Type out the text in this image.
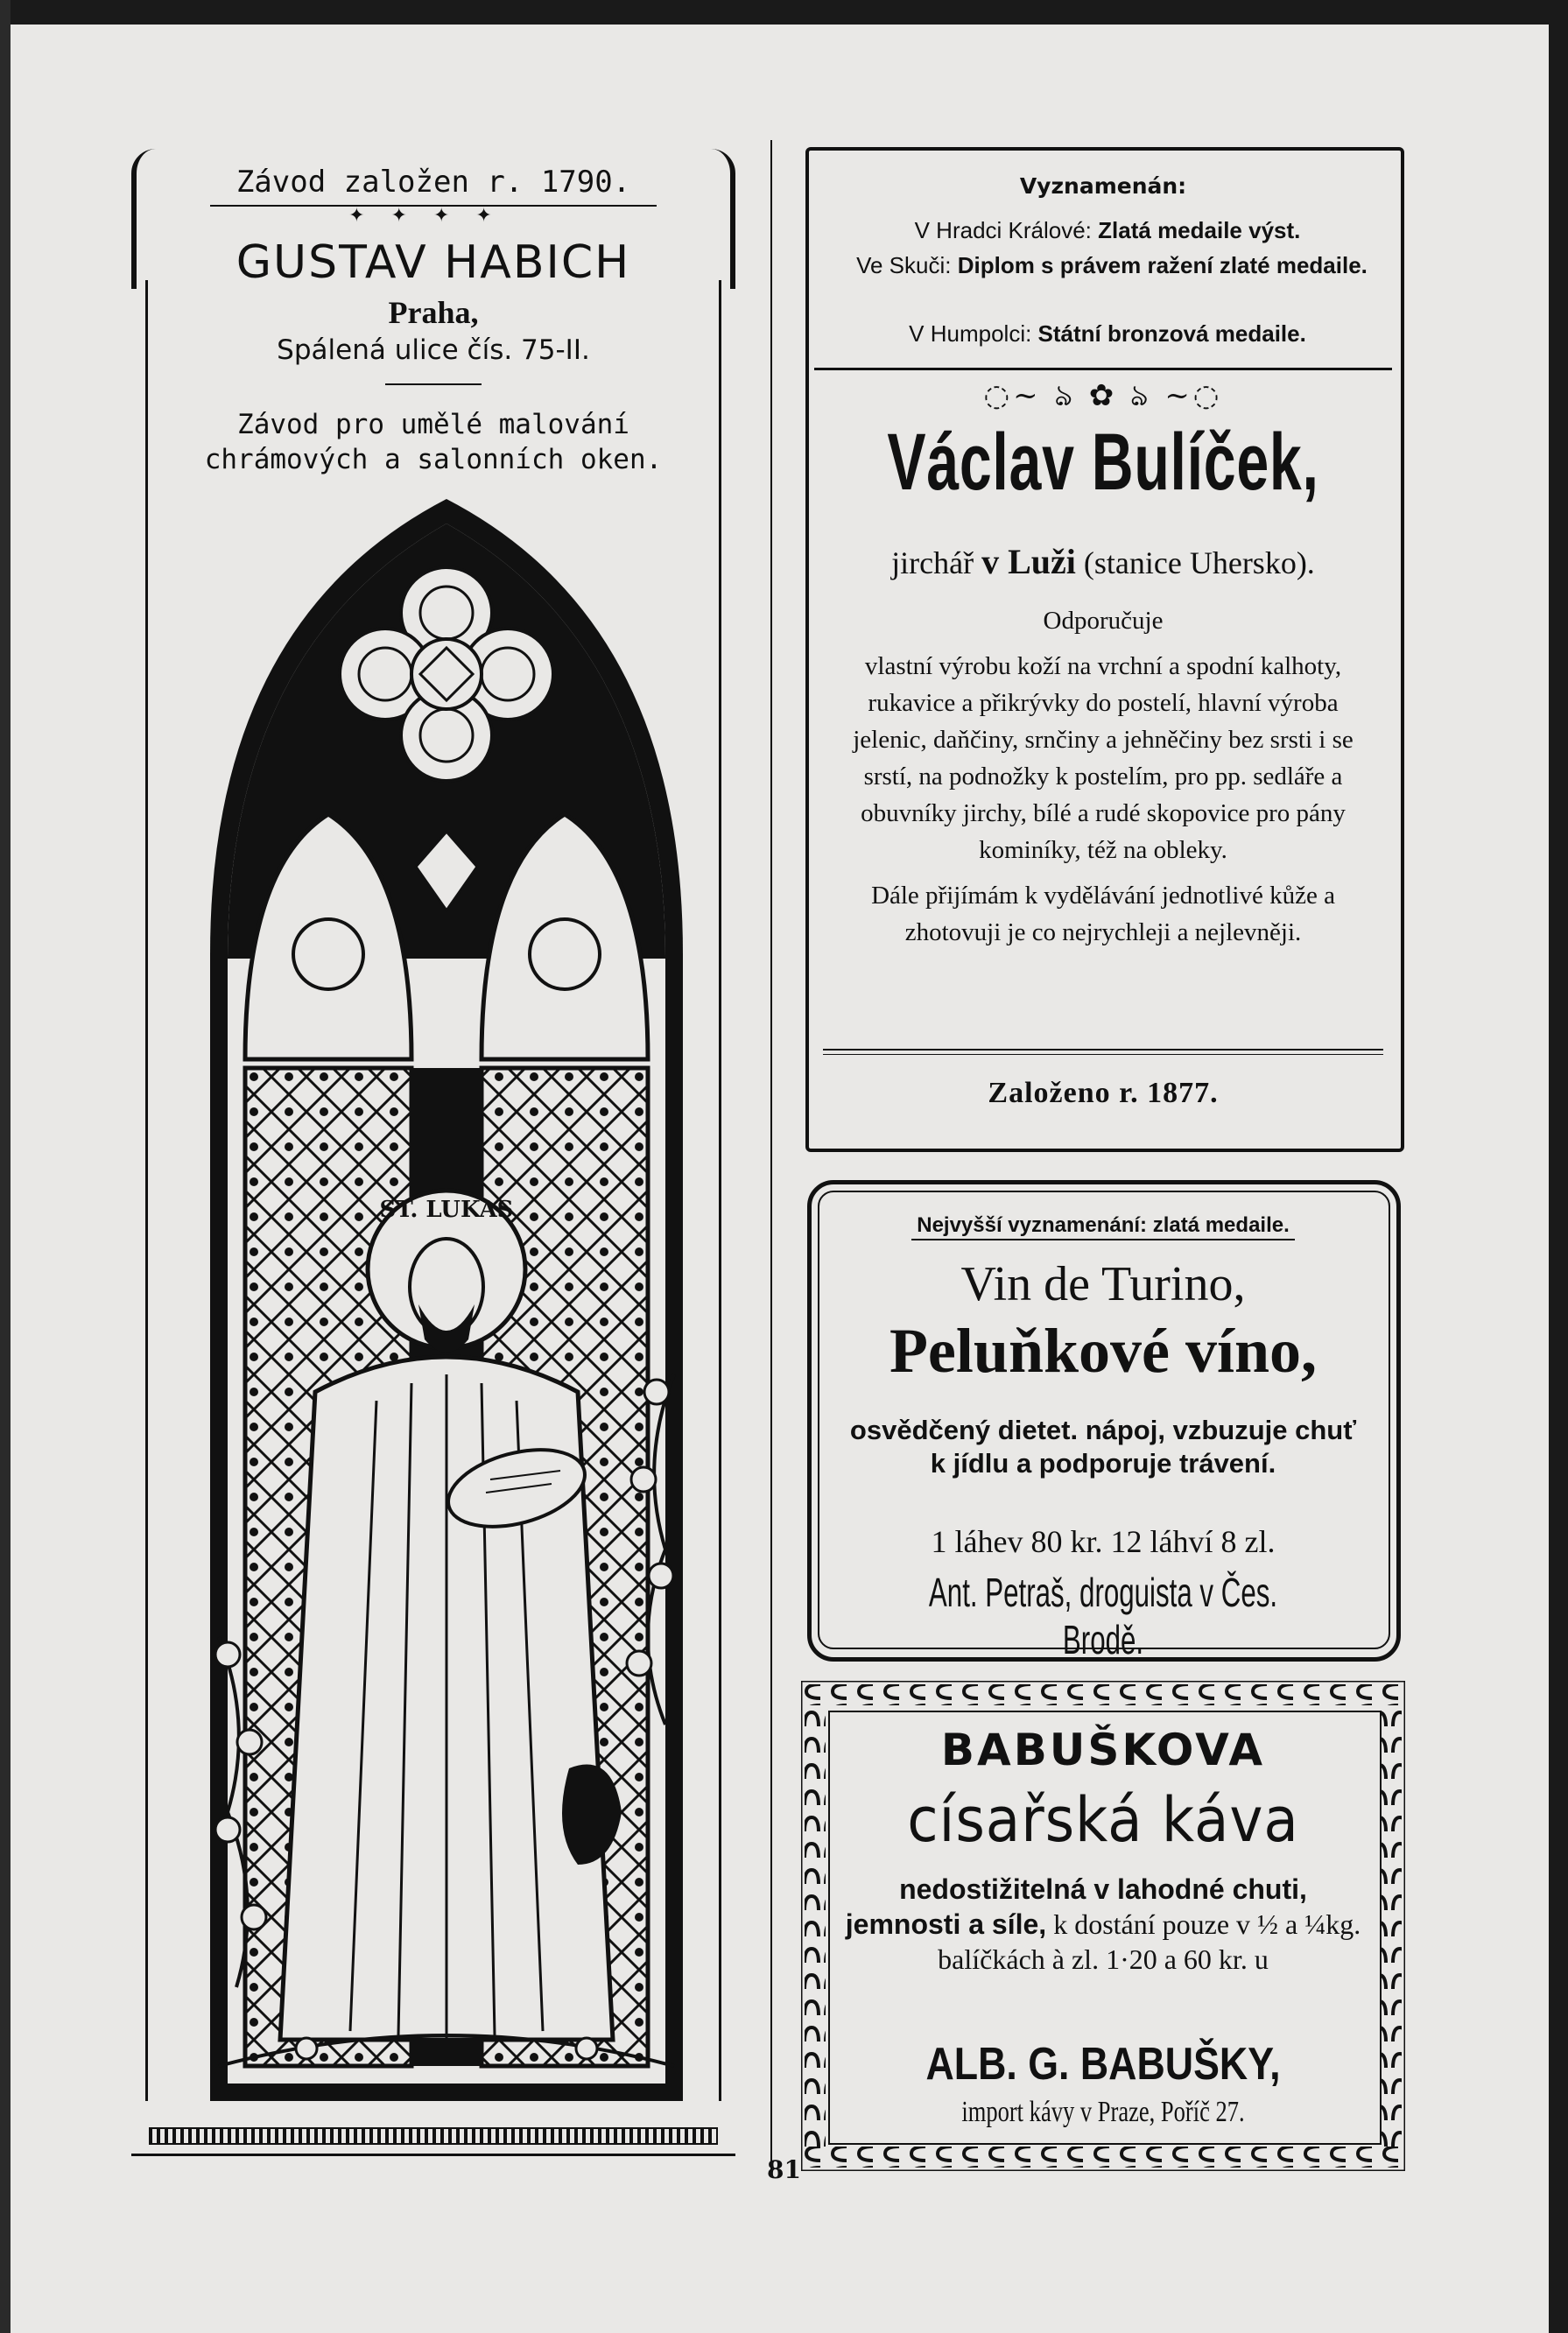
Závod založen r. 1790.
✦✦✦✦
GUSTAV HABICH
Praha,
Spálená ulice čís. 75-II.
Závod pro umělé malování chrámových a salonních oken.
ST. LUKAS
Vyznamenán:
V Hradci Králové: Zlatá medaile výst.
Ve Skuči: Diplom s právem ražení zlaté medaile.
V Humpolci: Státní bronzová medaile.
◌~ ঌ ✿ ঌ ~◌
Václav Bulíček,
jirchář v Luži (stanice Uhersko).

Odporučuje

vlastní výrobu koží na vrchní a spodní kalhoty, rukavice a přikrývky do postelí, hlavní výroba jelenic, daňčiny, srnčiny a jehněčiny bez srsti i se srstí, na podnožky k postelím, pro pp. sedláře a obuvníky jirchy, bílé a rudé skopovice pro pány kominíky, též na obleky.

Dále přijímám k vydělávání jednotlivé kůže a zhotovuji je co nejrychleji a nejlevněji.

Založeno r. 1877.
Nejvyšší vyznamenání: zlatá medaile.
Vin de Turino,
Peluňkové víno,
osvědčený dietet. nápoj, vzbuzuje chuť k jídlu a podporuje trávení.
1 láhev 80 kr. 12 láhví 8 zl.
Ant. Petraš, droguista v Čes. Brodě.
BABUŠKOVA
císařská káva
nedostižitelná v lahodné chuti,
jemnosti a síle, k dostání pouze v ½ a ¼kg. balíčkách à zl. 1·20 a 60 kr. u
ALB. G. BABUŠKY,
import kávy v Praze, Poříč 27.
81
